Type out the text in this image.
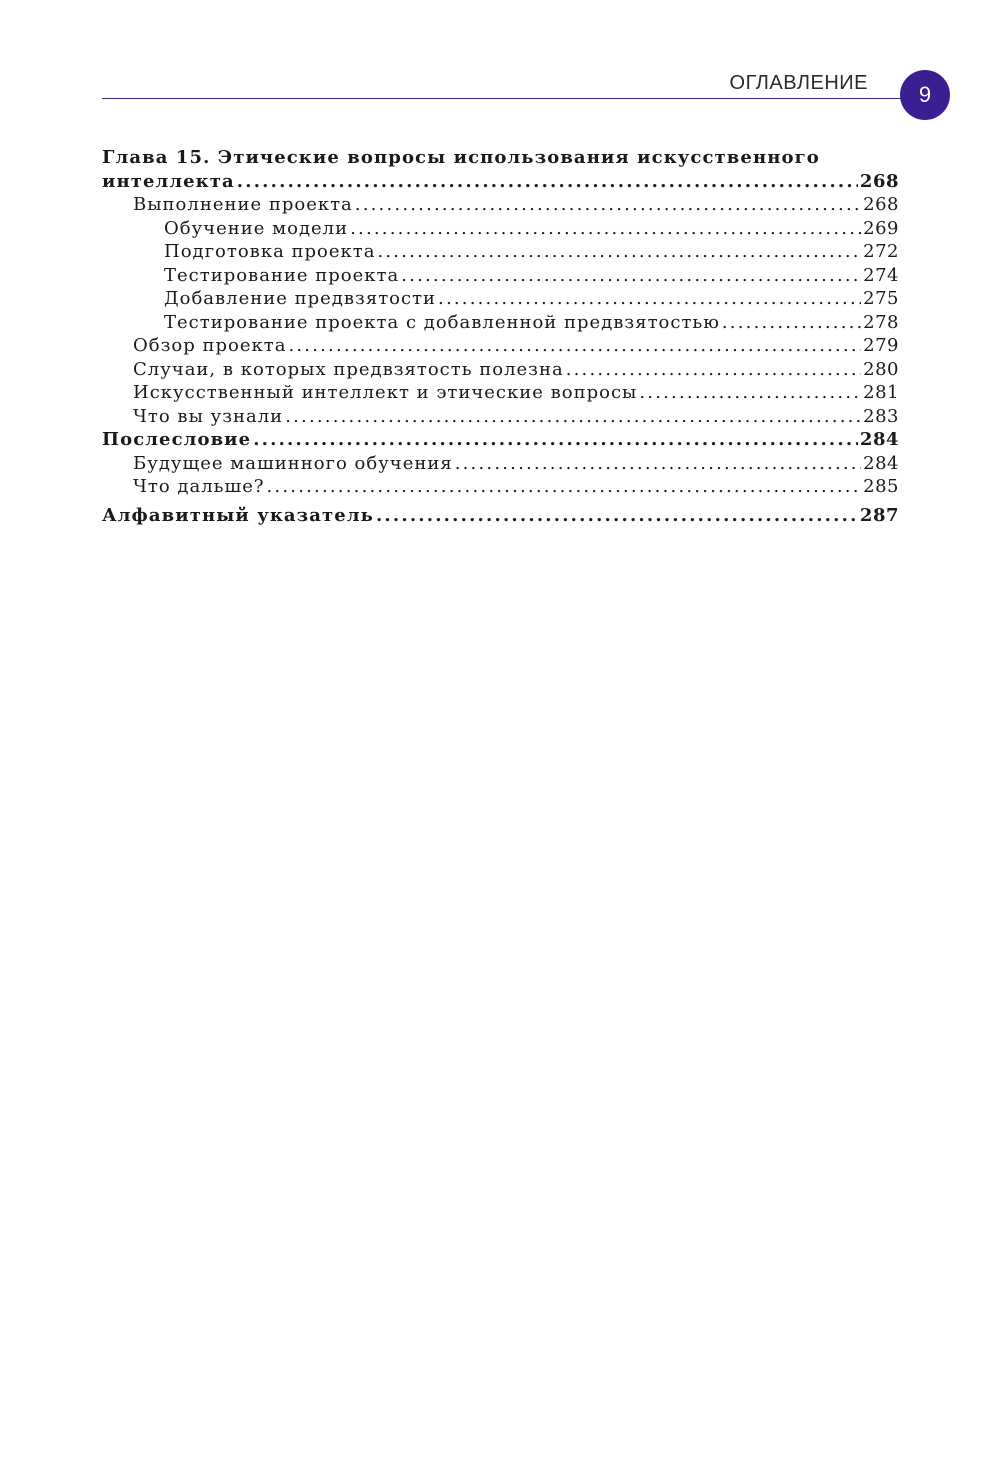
ОГЛАВЛЕНИЕ	9
Глава 15. Этические вопросы использования искусственного
интеллекта .....	268
Выполнение проекта .....	268
Обучение модели .....	269
Подготовка проекта .....	272
Тестирование проекта .....	274
Добавление предвзятости .....	275
Тестирование проекта с добавленной предвзятостью .....	278
Обзор проекта .....	279
Случаи, в которых предвзятость полезна .....	280
Искусственный интеллект и этические вопросы .....	281
Что вы узнали .....	283
Послесловие .....	284
Будущее машинного обучения .....	284
Что дальше? .....	285
Алфавитный указатель .....	287
